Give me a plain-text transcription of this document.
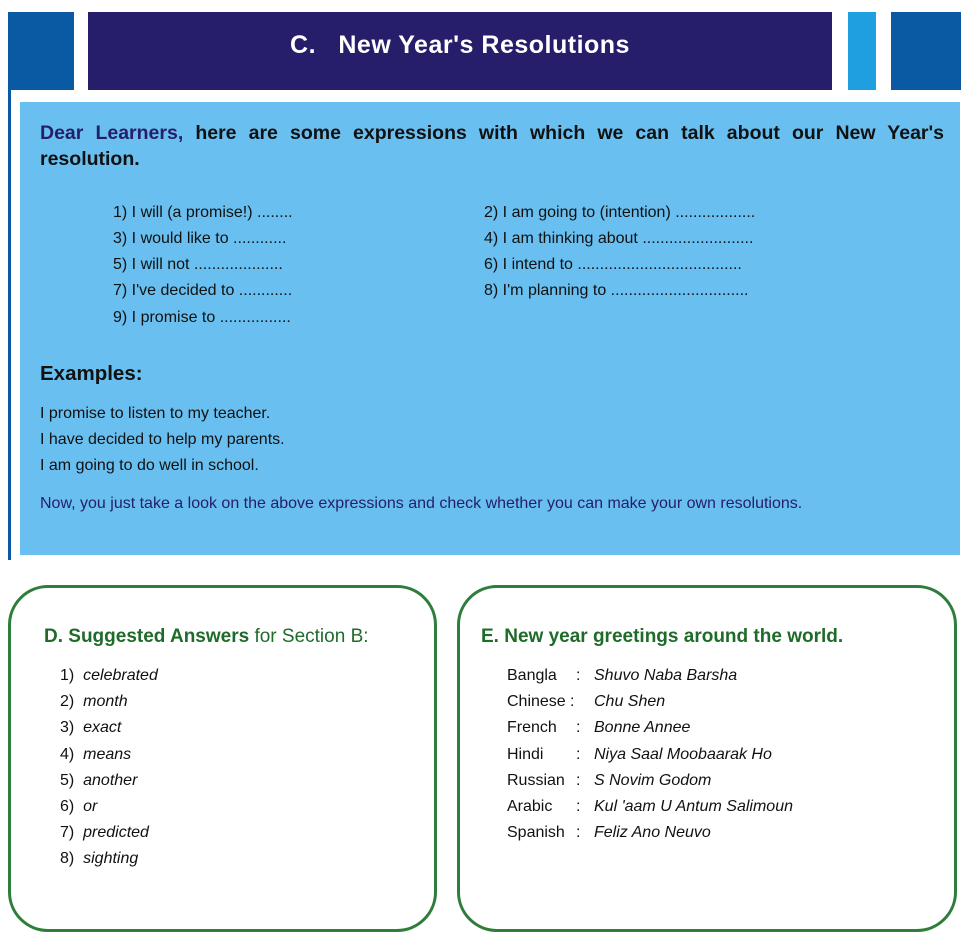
C.   New Year's Resolutions
Dear Learners, here are some expressions with which we can talk about our New Year's resolution.
1) I will (a promise!) ........
3) I would like to ............
5) I will not ....................
7) I've decided to ............
9) I promise to ................
2) I am going to (intention) ..................
4) I am thinking about .........................
6) I intend to .....................................
8) I'm planning to ...............................
Examples:
I promise to listen to my teacher.
I have decided to help my parents.
I am going to do well in school.
Now, you just take a look on the above expressions and check whether you can make your own resolutions.
D. Suggested Answers for Section B:
1) celebrated
2) month
3) exact
4) means
5) another
6) or
7) predicted
8) sighting
E. New year greetings around the world.
Bangla : Shuvo Naba Barsha
Chinese : Chu Shen
French : Bonne Annee
Hindi : Niya Saal Moobaarak Ho
Russian : S Novim Godom
Arabic : Kul 'aam U Antum Salimoun
Spanish : Feliz Ano Neuvo
